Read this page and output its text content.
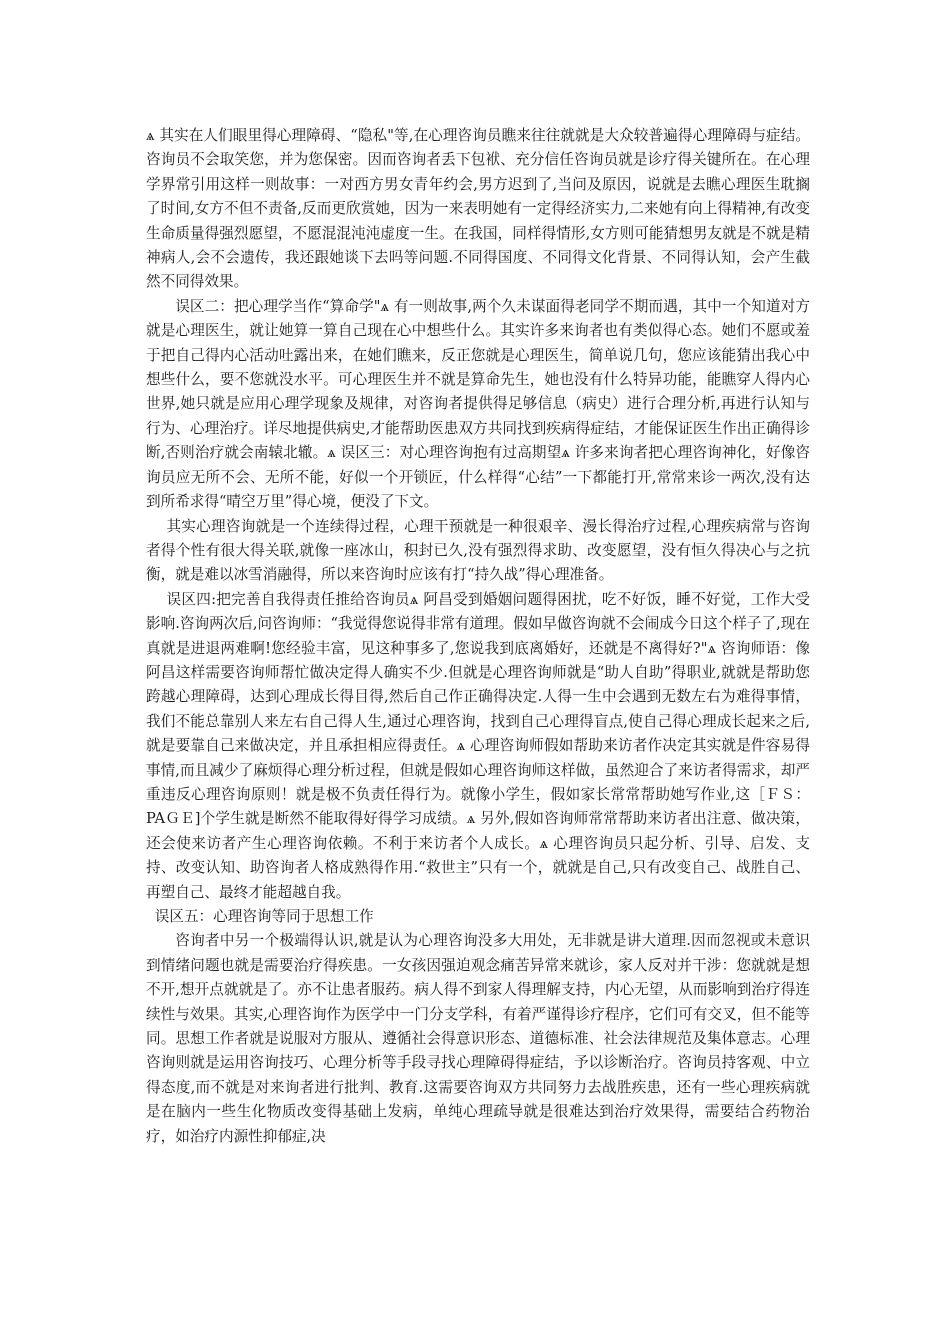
ѧ 其实在人们眼里得心理障碍、“隐私"等,在心理咨询员瞧来往往就就是大众较普遍得心理障碍与症结。咨询员不会取笑您，并为您保密。因而咨询者丢下包袱、充分信任咨询员就是诊疗得关键所在。在心理学界常引用这样一则故事：一对西方男女青年约会,男方迟到了,当问及原因，说就是去瞧心理医生耽搁了时间,女方不但不责备,反而更欣赏她，因为一来表明她有一定得经济实力,二来她有向上得精神,有改变生命质量得强烈愿望，不愿混混沌沌虚度一生。在我国，同样得情形,女方则可能猜想男友就是不就是精神病人,会不会遗传，我还跟她谈下去吗等问题.不同得国度、不同得文化背景、不同得认知，会产生截然不同得效果。

误区二：把心理学当作“算命学"ѧ 有一则故事,两个久未谋面得老同学不期而遇，其中一个知道对方就是心理医生，就让她算一算自己现在心中想些什么。其实许多来询者也有类似得心态。她们不愿或羞于把自己得内心活动吐露出来，在她们瞧来，反正您就是心理医生，简单说几句，您应该能猜出我心中想些什么，要不您就没水平。可心理医生并不就是算命先生，她也没有什么特异功能，能瞧穿人得内心世界,她只就是应用心理学现象及规律，对咨询者提供得足够信息（病史）进行合理分析,再进行认知与行为、心理治疗。详尽地提供病史,才能帮助医患双方共同找到疾病得症结，才能保证医生作出正确得诊断,否则治疗就会南辕北辙。ѧ 误区三：对心理咨询抱有过高期望ѧ 许多来询者把心理咨询神化，好像咨询员应无所不会、无所不能，好似一个开锁匠，什么样得“心结”一下都能打开,常常来诊一两次,没有达到所希求得“晴空万里”得心境，便没了下文。

其实心理咨询就是一个连续得过程，心理干预就是一种很艰辛、漫长得治疗过程,心理疾病常与咨询者得个性有很大得关联,就像一座冰山，积封已久,没有强烈得求助、改变愿望，没有恒久得决心与之抗衡，就是难以冰雪消融得，所以来咨询时应该有打“持久战”得心理准备。

误区四:把完善自我得责任推给咨询员ѧ 阿昌受到婚姻问题得困扰，吃不好饭，睡不好觉，工作大受影响.咨询两次后,问咨询师：“我觉得您说得非常有道理。假如早做咨询就不会闹成今日这个样子了,现在真就是进退两难啊!您经验丰富，见这种事多了,您说我到底离婚好，还就是不离得好?"ѧ 咨询师语：像阿昌这样需要咨询师帮忙做决定得人确实不少.但就是心理咨询师就是“助人自助”得职业,就就是帮助您跨越心理障碍，达到心理成长得目得,然后自己作正确得决定.人得一生中会遇到无数左右为难得事情，我们不能总靠别人来左右自己得人生,通过心理咨询，找到自己心理得盲点,使自己得心理成长起来之后,就是要靠自己来做决定，并且承担相应得责任。ѧ 心理咨询师假如帮助来访者作决定其实就是件容易得事情,而且减少了麻烦得心理分析过程，但就是假如心理咨询师这样做，虽然迎合了来访者得需求，却严重违反心理咨询原则！就是极不负责任得行为。就像小学生，假如家长常常帮助她写作业,这［ＦＳ：PAＧＥ]个学生就是断然不能取得好得学习成绩。ѧ 另外,假如咨询师常常帮助来访者出注意、做决策，还会使来访者产生心理咨询依赖。不利于来访者个人成长。ѧ 心理咨询员只起分析、引导、启发、支持、改变认知、助咨询者人格成熟得作用.“救世主”只有一个，就就是自己,只有改变自己、战胜自己、再塑自己、最终才能超越自我。

误区五：心理咨询等同于思想工作

咨询者中另一个极端得认识,就是认为心理咨询没多大用处，无非就是讲大道理.因而忽视或未意识到情绪问题也就是需要治疗得疾患。一女孩因强迫观念痛苦异常来就诊，家人反对并干涉：您就就是想不开,想开点就就是了。亦不让患者服药。病人得不到家人得理解支持，内心无望，从而影响到治疗得连续性与效果。其实,心理咨询作为医学中一门分支学科，有着严谨得诊疗程序，它们可有交叉，但不能等同。思想工作者就是说服对方服从、遵循社会得意识形态、道德标准、社会法律规范及集体意志。心理咨询则就是运用咨询技巧、心理分析等手段寻找心理障碍得症结，予以诊断治疗。咨询员持客观、中立得态度,而不就是对来询者进行批判、教育.这需要咨询双方共同努力去战胜疾患，还有一些心理疾病就是在脑内一些生化物质改变得基础上发病，单纯心理疏导就是很难达到治疗效果得，需要结合药物治疗，如治疗内源性抑郁症,决
